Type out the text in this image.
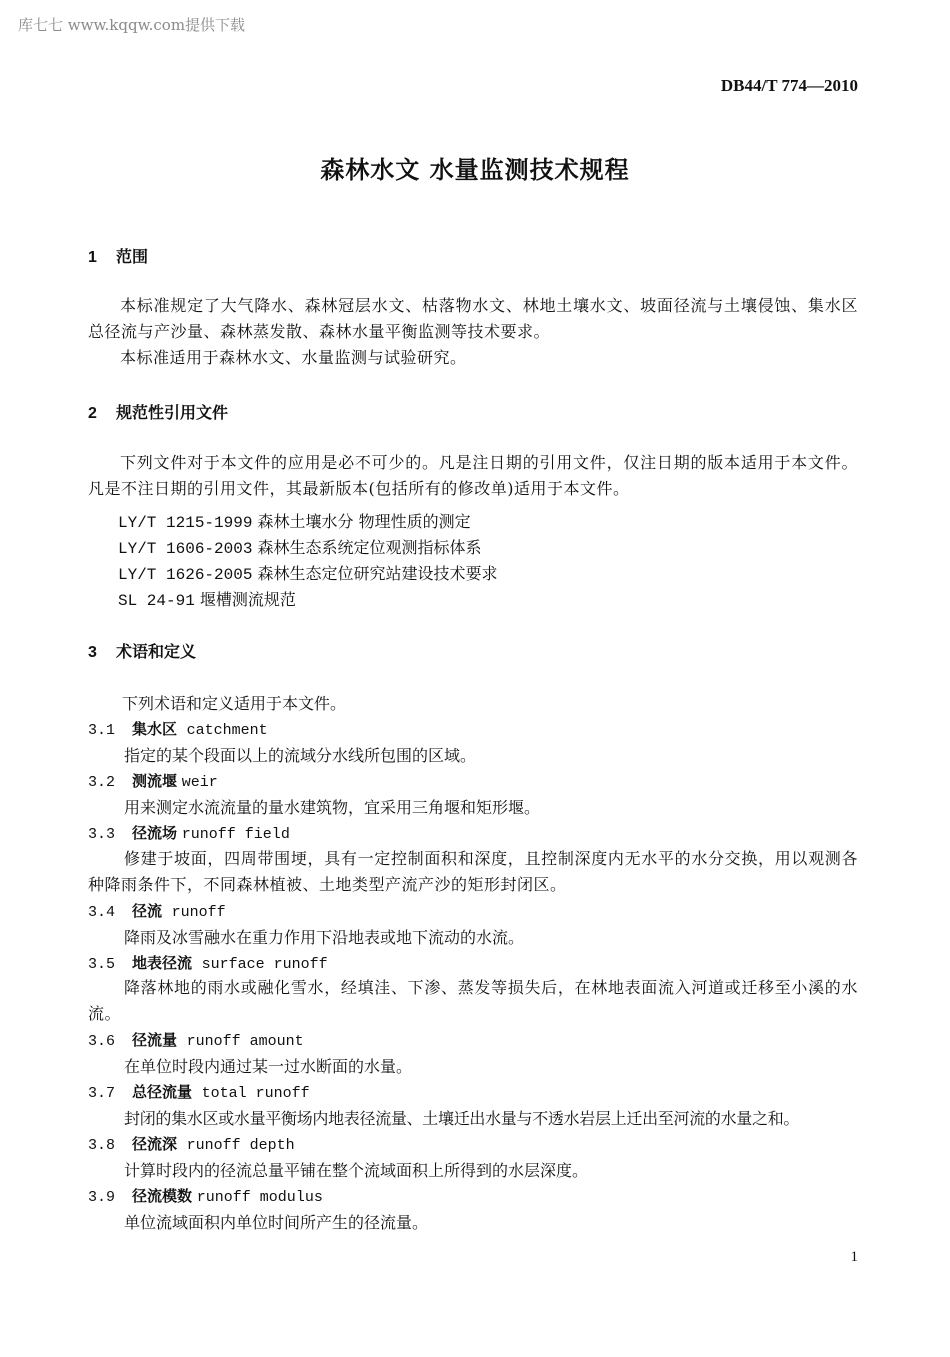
库七七 www.kqqw.com提供下载
DB44/T 774—2010
森林水文 水量监测技术规程
1 范围
本标准规定了大气降水、森林冠层水文、枯落物水文、林地土壤水文、坡面径流与土壤侵蚀、集水区总径流与产沙量、森林蒸发散、森林水量平衡监测等技术要求。
本标准适用于森林水文、水量监测与试验研究。
2 规范性引用文件
下列文件对于本文件的应用是必不可少的。凡是注日期的引用文件，仅注日期的版本适用于本文件。凡是不注日期的引用文件，其最新版本(包括所有的修改单)适用于本文件。
LY/T 1215-1999 森林土壤水分 物理性质的测定
LY/T 1606-2003 森林生态系统定位观测指标体系
LY/T 1626-2005 森林生态定位研究站建设技术要求
SL 24-91 堰槽测流规范
3 术语和定义
下列术语和定义适用于本文件。
3.1 集水区 catchment
指定的某个段面以上的流域分水线所包围的区域。
3.2 测流堰 weir
用来测定水流流量的量水建筑物，宜采用三角堰和矩形堰。
3.3 径流场 runoff field
修建于坡面，四周带围埂，具有一定控制面积和深度，且控制深度内无水平的水分交换，用以观测各种降雨条件下，不同森林植被、土地类型产流产沙的矩形封闭区。
3.4 径流 runoff
降雨及冰雪融水在重力作用下沿地表或地下流动的水流。
3.5 地表径流 surface runoff
降落林地的雨水或融化雪水，经填洼、下渗、蒸发等损失后，在林地表面流入河道或迁移至小溪的水流。
3.6 径流量 runoff amount
在单位时段内通过某一过水断面的水量。
3.7 总径流量 total runoff
封闭的集水区或水量平衡场内地表径流量、土壤迁出水量与不透水岩层上迁出至河流的水量之和。
3.8 径流深 runoff depth
计算时段内的径流总量平铺在整个流域面积上所得到的水层深度。
3.9 径流模数 runoff modulus
单位流域面积内单位时间所产生的径流量。
1
